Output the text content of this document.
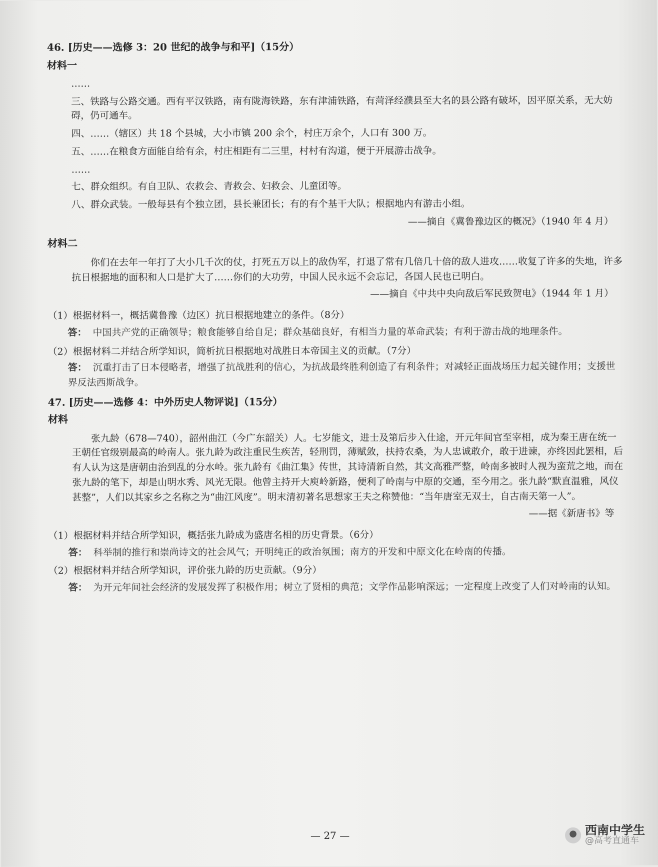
46. [历史——选修 3：20 世纪的战争与和平]（15分）
材料一

……

三、铁路与公路交通。西有平汉铁路，南有陇海铁路，东有津浦铁路，有菏泽经濮县至大名的县公路有破坏，因平原关系，无大妨碍，仍可通车。

四、……（辖区）共 18 个县城，大小市镇 200 余个，村庄万余个，人口有 300 万。

五、……在粮食方面能自给有余，村庄相距有二三里，村村有沟道，便于开展游击战争。

……

七、群众组织。有自卫队、农救会、青救会、妇救会、儿童团等。

八、群众武装。一般每县有个独立团，县长兼团长；有的有个基干大队；根据地内有游击小组。

——摘自《冀鲁豫边区的概况》（1940 年 4 月）
材料二

你们在去年一年打了大小几千次的仗，打死五万以上的敌伪军，打退了常有几倍几十倍的敌人进攻……收复了许多的失地，许多抗日根据地的面积和人口是扩大了……你们的大功劳，中国人民永远不会忘记，各国人民也已明白。

——摘自《中共中央向敌后军民致贺电》（1944 年 1 月）
（1）根据材料一，概括冀鲁豫（边区）抗日根据地建立的条件。（8分）
答： 中国共产党的正确领导；粮食能够自给自足；群众基础良好，有相当力量的革命武装；有利于游击战的地理条件。
（2）根据材料二并结合所学知识，简析抗日根据地对战胜日本帝国主义的贡献。（7分）
答： 沉重打击了日本侵略者，增强了抗战胜利的信心，为抗战最终胜利创造了有利条件；对减轻正面战场压力起关键作用；支援世界反法西斯战争。
47. [历史——选修 4：中外历史人物评说]（15分）
材料

张九龄（678—740），韶州曲江（今广东韶关）人。七岁能文，进士及第后步入仕途，开元年间官至宰相，成为秦王唐在统一王朝任官级别最高的岭南人。张九龄为政注重民生疾苦，轻刑罚，薄赋敛，扶持农桑，为人忠诚敢介，敢于进谏，亦终因此罢相，后有人认为这是唐朝由治到乱的分水岭。张九龄有《曲江集》传世，其诗清新自然，其文高雅严整，岭南多被时人视为蛮荒之地，而在张九龄的笔下，却是山明水秀、风光无限。他曾主持开大庾岭新路，便利了岭南与中原的交通，至今用之。张九龄“默直温雅，风仪甚整”，人们以其家乡之名称之为“曲江风度”。明末清初著名思想家王夫之称赞他：“当年唐室无双士，自古南天第一人”。

——据《新唐书》等
（1）根据材料并结合所学知识，概括张九龄成为盛唐名相的历史背景。（6分）
答： 科举制的推行和崇尚诗文的社会风气；开明纯正的政治氛围；南方的开发和中原文化在岭南的传播。
（2）根据材料并结合所学知识，评价张九龄的历史贡献。（9分）
答： 为开元年间社会经济的发展发挥了积极作用；树立了贤相的典范；文学作品影响深远；一定程度上改变了人们对岭南的认知。
— 27 —	● 西南中学生
@高考直通车
